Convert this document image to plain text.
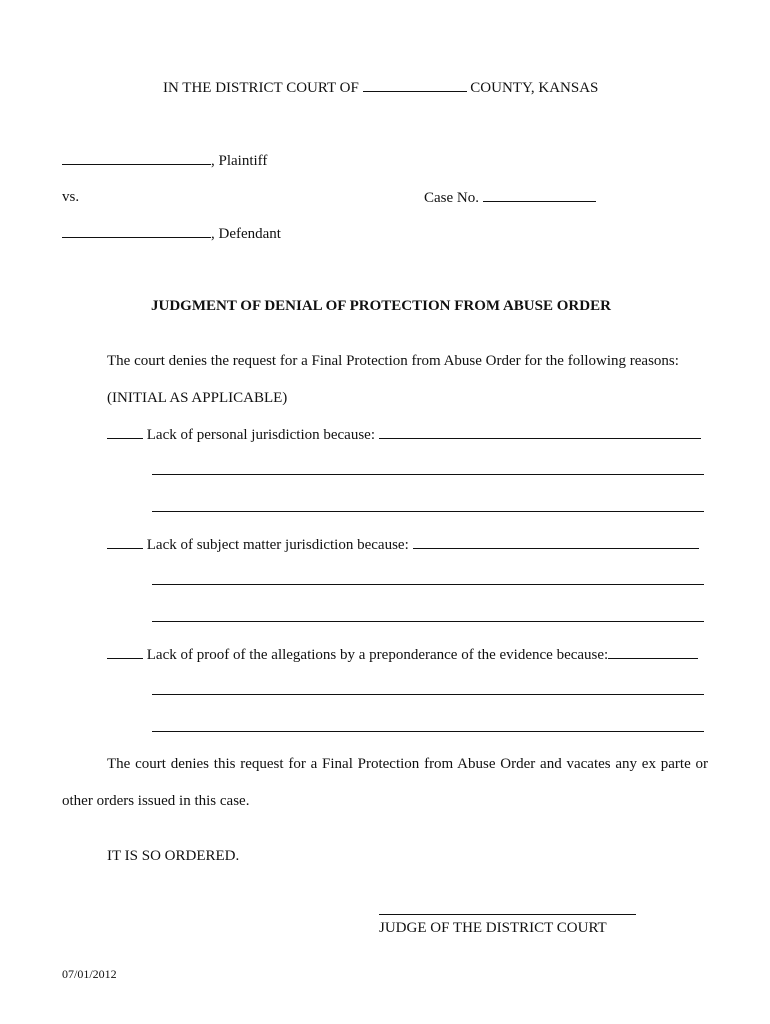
IN THE DISTRICT COURT OF	COUNTY, KANSAS
, Plaintiff
vs.	Case No.
, Defendant
JUDGMENT OF DENIAL OF PROTECTION FROM ABUSE ORDER
The court denies the request for a Final Protection from Abuse Order for the following reasons:
(INITIAL AS APPLICABLE)
Lack of personal jurisdiction because:
Lack of subject matter jurisdiction because:
Lack of proof of the allegations by a preponderance of the evidence because:
The court denies this request for a Final Protection from Abuse Order and vacates any ex parte or
other orders issued in this case.
IT IS SO ORDERED.
JUDGE OF THE DISTRICT COURT
07/01/2012
